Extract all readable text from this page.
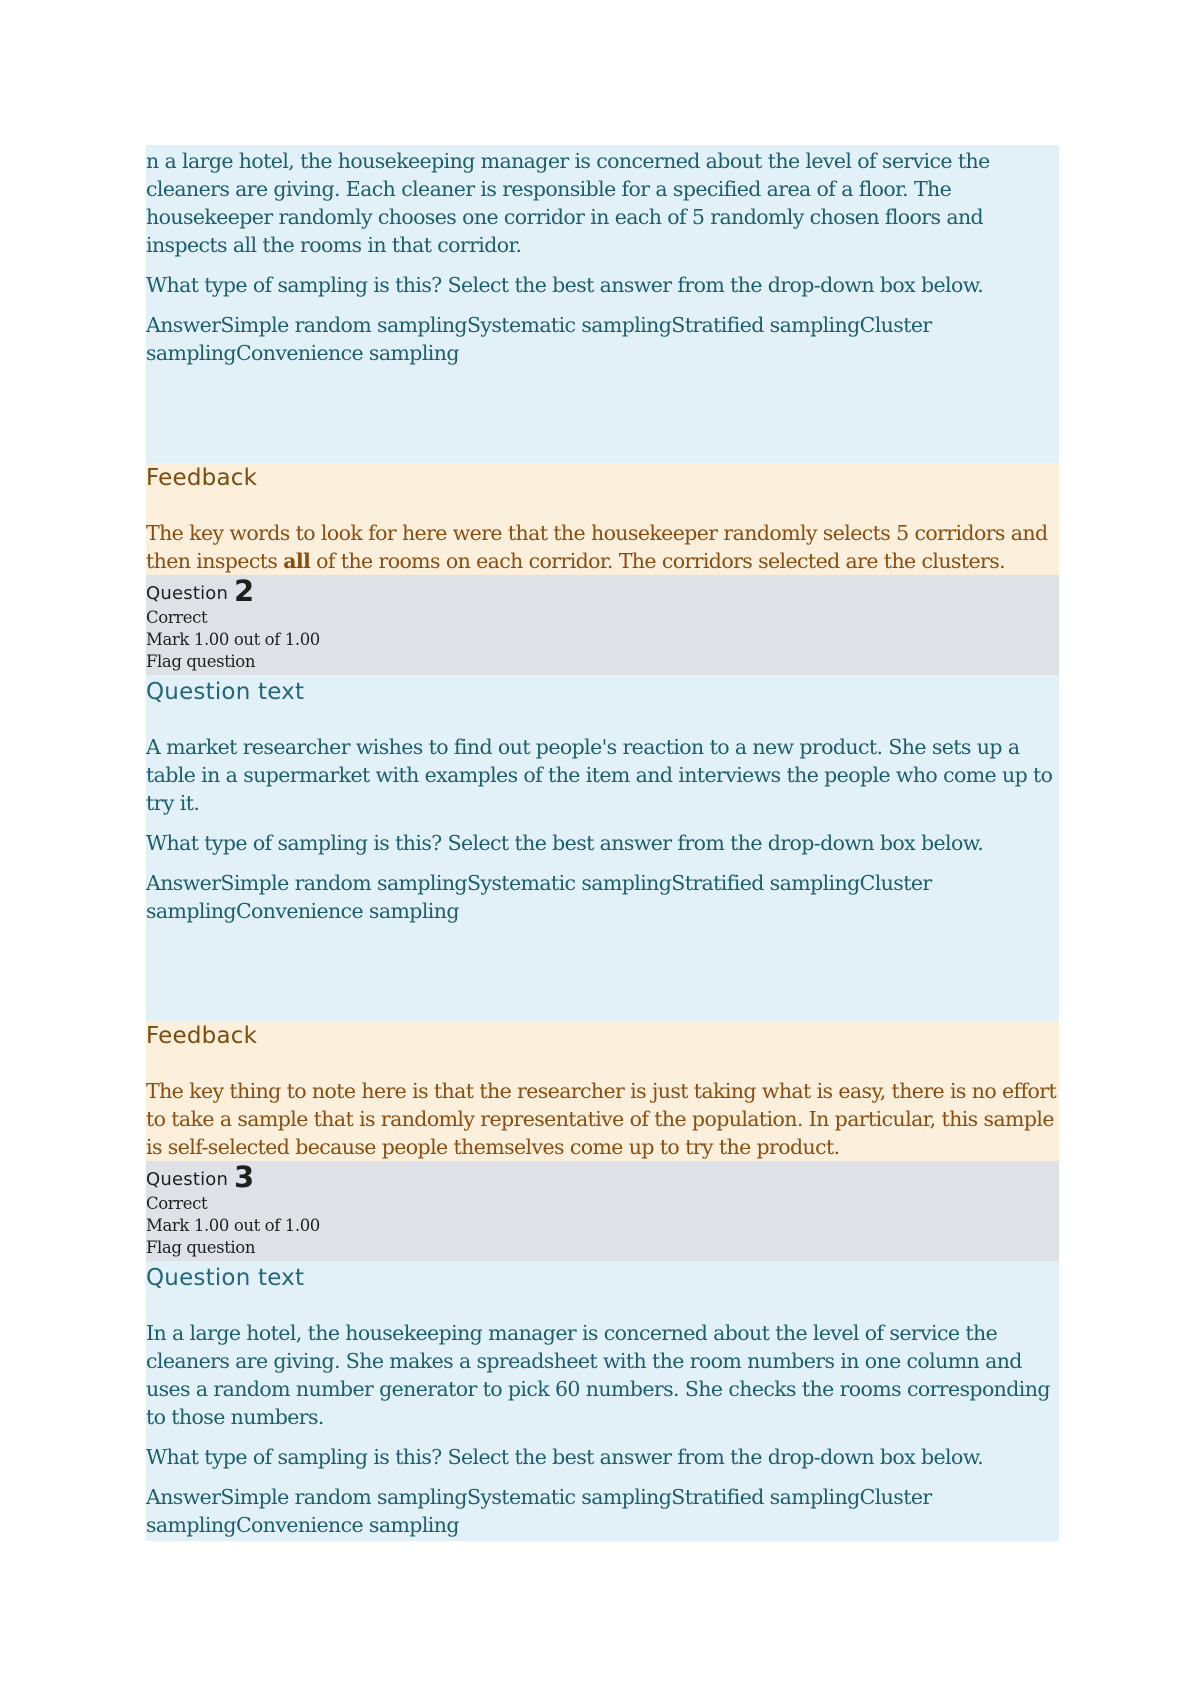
n a large hotel, the housekeeping manager is concerned about the level of service the cleaners are giving. Each cleaner is responsible for a specified area of a floor. The housekeeper randomly chooses one corridor in each of 5 randomly chosen floors and inspects all the rooms in that corridor.

What type of sampling is this? Select the best answer from the drop-down box below.

AnswerSimple random samplingSystematic samplingStratified samplingCluster samplingConvenience sampling

Feedback

The key words to look for here were that the housekeeper randomly selects 5 corridors and then inspects all of the rooms on each corridor. The corridors selected are the clusters.

Question 2
Correct
Mark 1.00 out of 1.00
Flag question
Question text

A market researcher wishes to find out people's reaction to a new product. She sets up a table in a supermarket with examples of the item and interviews the people who come up to try it.

What type of sampling is this? Select the best answer from the drop-down box below.

AnswerSimple random samplingSystematic samplingStratified samplingCluster samplingConvenience sampling

Feedback

The key thing to note here is that the researcher is just taking what is easy, there is no effort to take a sample that is randomly representative of the population. In particular, this sample is self-selected because people themselves come up to try the product.

Question 3
Correct
Mark 1.00 out of 1.00
Flag question
Question text

In a large hotel, the housekeeping manager is concerned about the level of service the cleaners are giving. She makes a spreadsheet with the room numbers in one column and uses a random number generator to pick 60 numbers. She checks the rooms corresponding to those numbers.

What type of sampling is this? Select the best answer from the drop-down box below.

AnswerSimple random samplingSystematic samplingStratified samplingCluster samplingConvenience sampling
